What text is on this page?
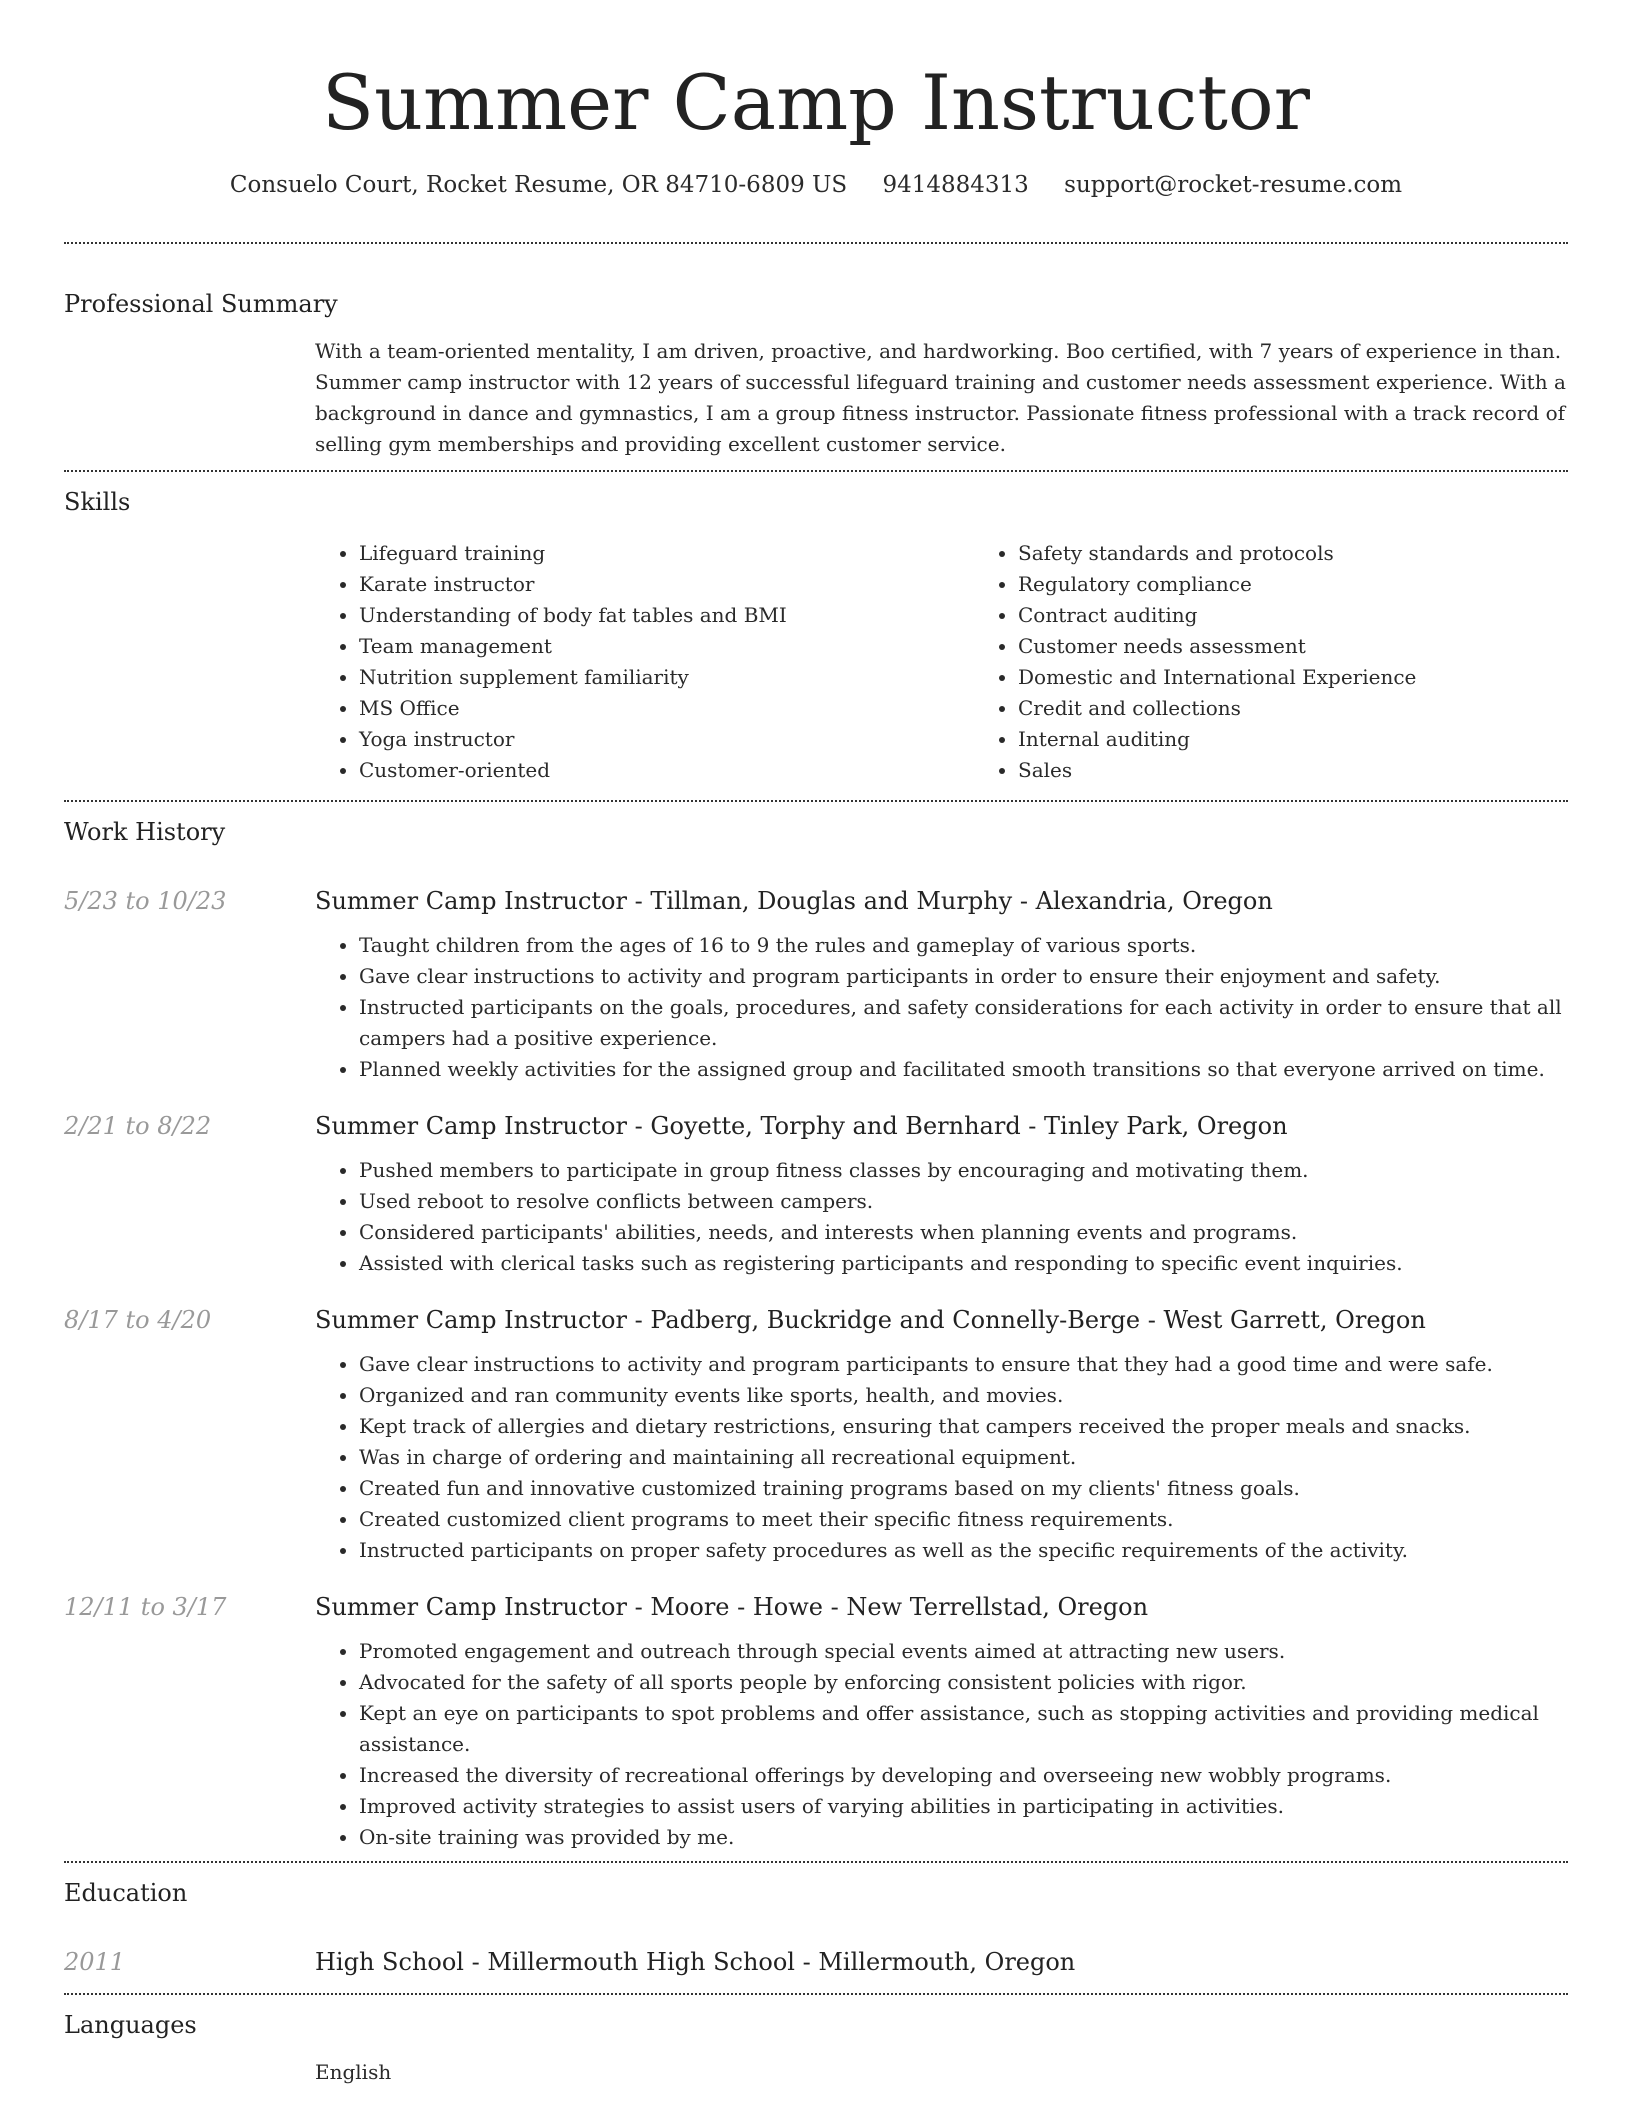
Summer Camp Instructor
Consuelo Court, Rocket Resume, OR 84710-6809 US 9414884313 support@rocket-resume.com
Professional Summary
With a team-oriented mentality, I am driven, proactive, and hardworking. Boo certified, with 7 years of experience in than. Summer camp instructor with 12 years of successful lifeguard training and customer needs assessment experience. With a background in dance and gymnastics, I am a group fitness instructor. Passionate fitness professional with a track record of selling gym memberships and providing excellent customer service.
Skills
• Lifeguard training
• Karate instructor
• Understanding of body fat tables and BMI
• Team management
• Nutrition supplement familiarity
• MS Office
• Yoga instructor
• Customer-oriented
• Safety standards and protocols
• Regulatory compliance
• Contract auditing
• Customer needs assessment
• Domestic and International Experience
• Credit and collections
• Internal auditing
• Sales
Work History
5/23 to 10/23	Summer Camp Instructor - Tillman, Douglas and Murphy - Alexandria, Oregon
• Taught children from the ages of 16 to 9 the rules and gameplay of various sports.
• Gave clear instructions to activity and program participants in order to ensure their enjoyment and safety.
• Instructed participants on the goals, procedures, and safety considerations for each activity in order to ensure that all campers had a positive experience.
• Planned weekly activities for the assigned group and facilitated smooth transitions so that everyone arrived on time.
2/21 to 8/22	Summer Camp Instructor - Goyette, Torphy and Bernhard - Tinley Park, Oregon
• Pushed members to participate in group fitness classes by encouraging and motivating them.
• Used reboot to resolve conflicts between campers.
• Considered participants' abilities, needs, and interests when planning events and programs.
• Assisted with clerical tasks such as registering participants and responding to specific event inquiries.
8/17 to 4/20	Summer Camp Instructor - Padberg, Buckridge and Connelly-Berge - West Garrett, Oregon
• Gave clear instructions to activity and program participants to ensure that they had a good time and were safe.
• Organized and ran community events like sports, health, and movies.
• Kept track of allergies and dietary restrictions, ensuring that campers received the proper meals and snacks.
• Was in charge of ordering and maintaining all recreational equipment.
• Created fun and innovative customized training programs based on my clients' fitness goals.
• Created customized client programs to meet their specific fitness requirements.
• Instructed participants on proper safety procedures as well as the specific requirements of the activity.
12/11 to 3/17	Summer Camp Instructor - Moore - Howe - New Terrellstad, Oregon
• Promoted engagement and outreach through special events aimed at attracting new users.
• Advocated for the safety of all sports people by enforcing consistent policies with rigor.
• Kept an eye on participants to spot problems and offer assistance, such as stopping activities and providing medical assistance.
• Increased the diversity of recreational offerings by developing and overseeing new wobbly programs.
• Improved activity strategies to assist users of varying abilities in participating in activities.
• On-site training was provided by me.
Education
2011	High School - Millermouth High School - Millermouth, Oregon
Languages
English
